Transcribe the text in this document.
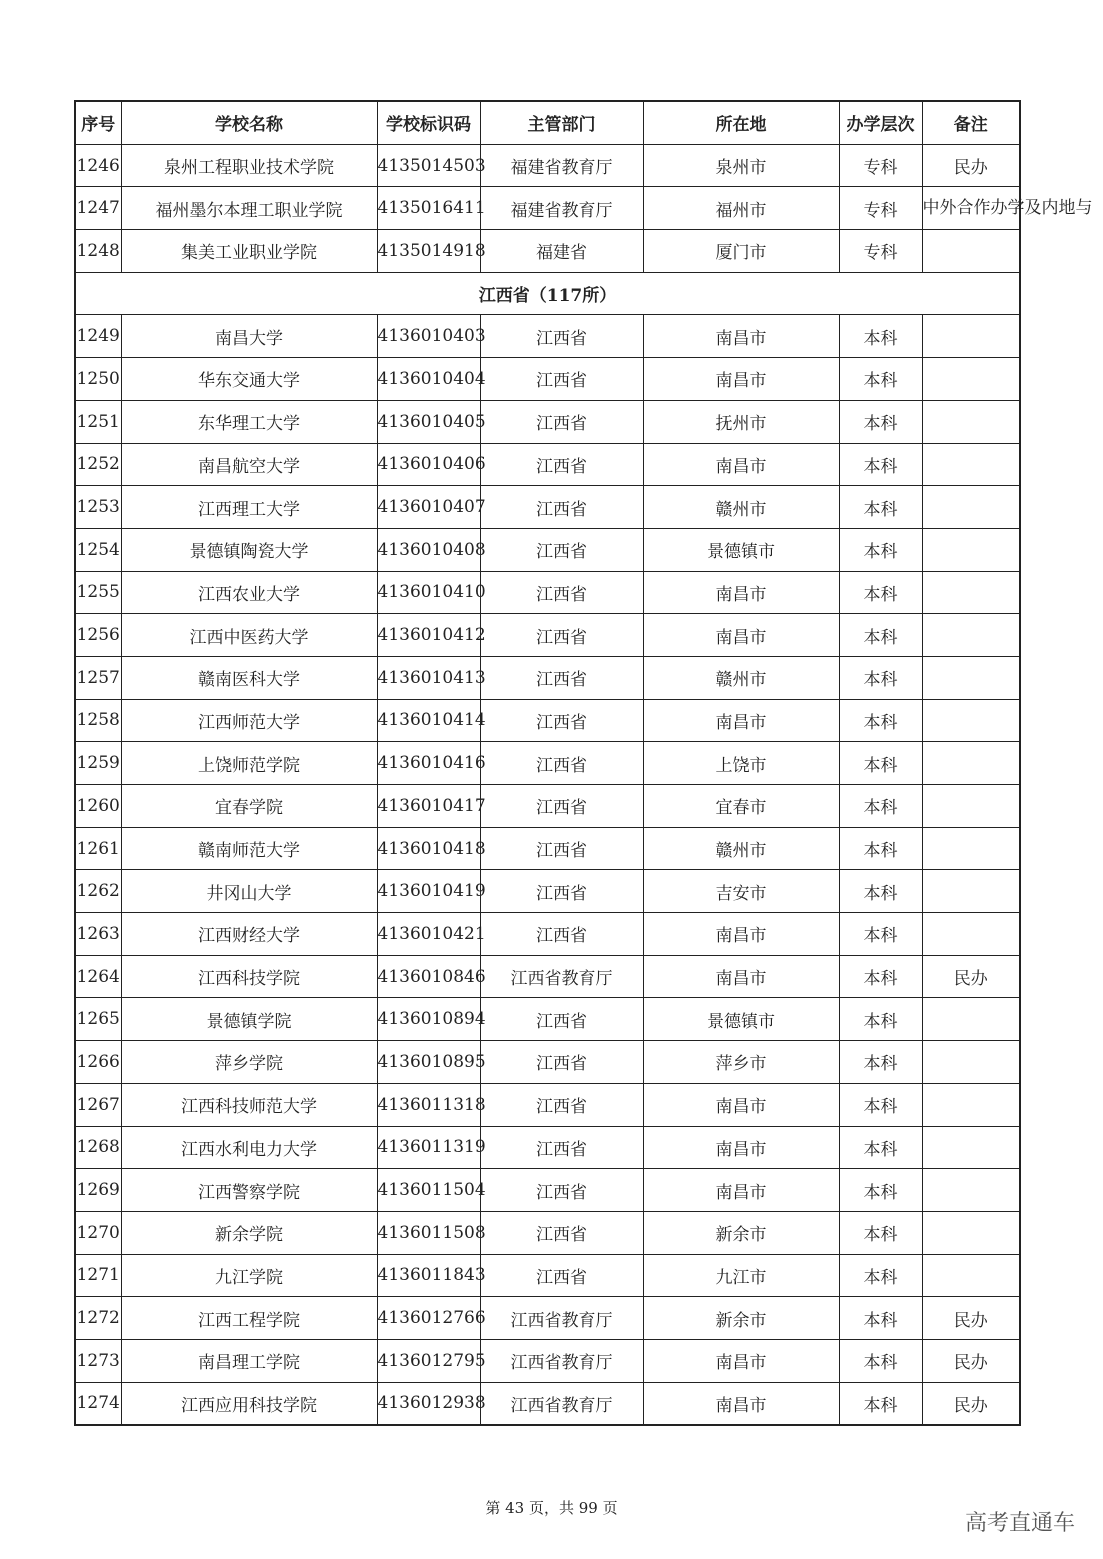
序号	学校名称	学校标识码	主管部门	所在地	办学层次	备注
1246	泉州工程职业技术学院	4135014503	福建省教育厅	泉州市	专科	民办
1247	福州墨尔本理工职业学院	4135016411	福建省教育厅	福州市	专科	中外合作办学及内地与
1248	集美工业职业学院	4135014918	福建省	厦门市	专科	
江西省（117所）						
1249	南昌大学	4136010403	江西省	南昌市	本科	
1250	华东交通大学	4136010404	江西省	南昌市	本科	
1251	东华理工大学	4136010405	江西省	抚州市	本科	
1252	南昌航空大学	4136010406	江西省	南昌市	本科	
1253	江西理工大学	4136010407	江西省	赣州市	本科	
1254	景德镇陶瓷大学	4136010408	江西省	景德镇市	本科	
1255	江西农业大学	4136010410	江西省	南昌市	本科	
1256	江西中医药大学	4136010412	江西省	南昌市	本科	
1257	赣南医科大学	4136010413	江西省	赣州市	本科	
1258	江西师范大学	4136010414	江西省	南昌市	本科	
1259	上饶师范学院	4136010416	江西省	上饶市	本科	
1260	宜春学院	4136010417	江西省	宜春市	本科	
1261	赣南师范大学	4136010418	江西省	赣州市	本科	
1262	井冈山大学	4136010419	江西省	吉安市	本科	
1263	江西财经大学	4136010421	江西省	南昌市	本科	
1264	江西科技学院	4136010846	江西省教育厅	南昌市	本科	民办
1265	景德镇学院	4136010894	江西省	景德镇市	本科	
1266	萍乡学院	4136010895	江西省	萍乡市	本科	
1267	江西科技师范大学	4136011318	江西省	南昌市	本科	
1268	江西水利电力大学	4136011319	江西省	南昌市	本科	
1269	江西警察学院	4136011504	江西省	南昌市	本科	
1270	新余学院	4136011508	江西省	新余市	本科	
1271	九江学院	4136011843	江西省	九江市	本科	
1272	江西工程学院	4136012766	江西省教育厅	新余市	本科	民办
1273	南昌理工学院	4136012795	江西省教育厅	南昌市	本科	民办
1274	江西应用科技学院	4136012938	江西省教育厅	南昌市	本科	民办
第 43 页，共 99 页
高考直通车
